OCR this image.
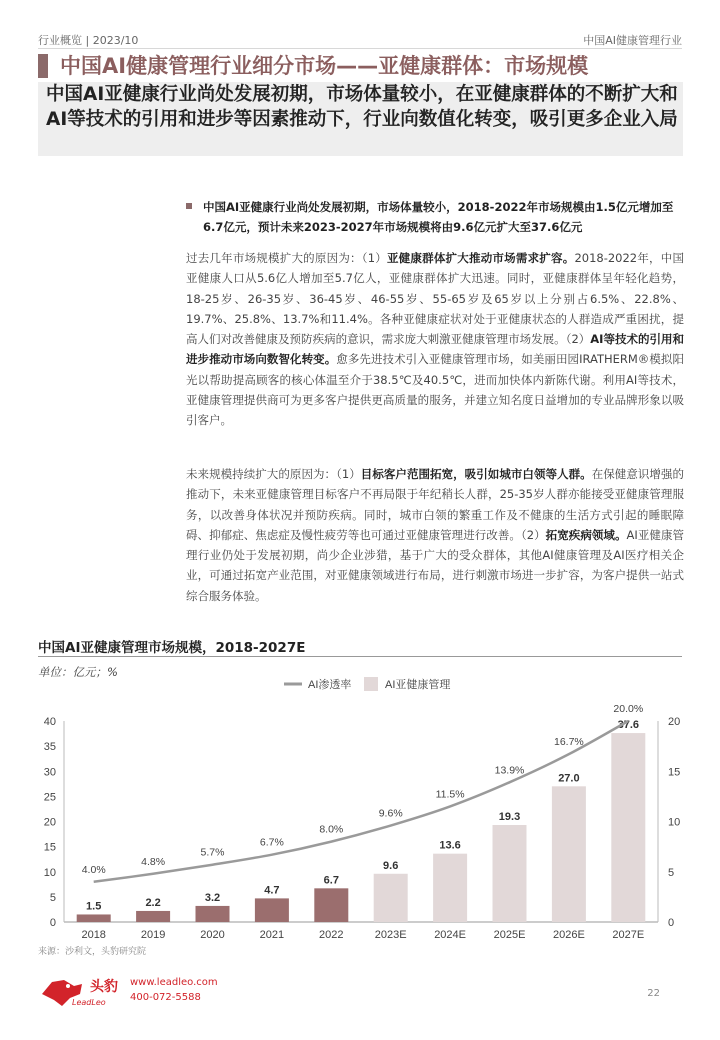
行业概览 | 2023/10	中国AI健康管理行业
中国AI健康管理行业细分市场——亚健康群体：市场规模
中国AI亚健康行业尚处发展初期，市场体量较小，在亚健康群体的不断扩大和AI等技术的引用和进步等因素推动下，行业向数值化转变，吸引更多企业入局
中国AI亚健康行业尚处发展初期，市场体量较小，2018-2022年市场规模由1.5亿元增加至6.7亿元，预计未来2023-2027年市场规模将由9.6亿元扩大至37.6亿元
过去几年市场规模扩大的原因为：（1）亚健康群体扩大推动市场需求扩容。2018-2022年，中国亚健康人口从5.6亿人增加至5.7亿人，亚健康群体扩大迅速。同时，亚健康群体呈年轻化趋势，18-25岁、26-35岁、36-45岁、46-55岁、55-65岁及65岁以上分别占6.5%、22.8%、19.7%、25.8%、13.7%和11.4%。各种亚健康症状对处于亚健康状态的人群造成严重困扰，提高人们对改善健康及预防疾病的意识，需求庞大刺激亚健康管理市场发展。（2）AI等技术的引用和进步推动市场向数智化转变。愈多先进技术引入亚健康管理市场，如美丽田园IRATHERM®模拟阳光以帮助提高顾客的核心体温至介于38.5℃及40.5℃，进而加快体内新陈代谢。利用AI等技术，亚健康管理提供商可为更多客户提供更高质量的服务，并建立知名度日益增加的专业品牌形象以吸引客户。
未来规模持续扩大的原因为：（1）目标客户范围拓宽，吸引如城市白领等人群。在保健意识增强的推动下，未来亚健康管理目标客户不再局限于年纪稍长人群，25-35岁人群亦能接受亚健康管理服务，以改善身体状况并预防疾病。同时，城市白领的繁重工作及不健康的生活方式引起的睡眠障碍、抑郁症、焦虑症及慢性疲劳等也可通过亚健康管理进行改善。（2）拓宽疾病领域。AI亚健康管理行业仍处于发展初期，尚少企业涉猎，基于广大的受众群体，其他AI健康管理及AI医疗相关企业，可通过拓宽产业范围，对亚健康领域进行布局，进行刺激市场进一步扩容，为客户提供一站式综合服务体验。
中国AI亚健康管理市场规模，2018-2027E
单位：亿元；%
0
5
10
15
20
25
30
35
40
0
5
10
15
20
1.5
2018
2.2
2019
3.2
2020
4.7
2021
6.7
2022
9.6
2023E
13.6
2024E
19.3
2025E
27.0
2026E
37.6
2027E
4.0%
4.8%
5.7%
6.7%
8.0%
9.6%
11.5%
13.9%
16.7%
20.0%
AI渗透率	AI亚健康管理
来源：沙利文，头豹研究院
头豹
LeadLeo
www.leadleo.com
400-072-5588	22
